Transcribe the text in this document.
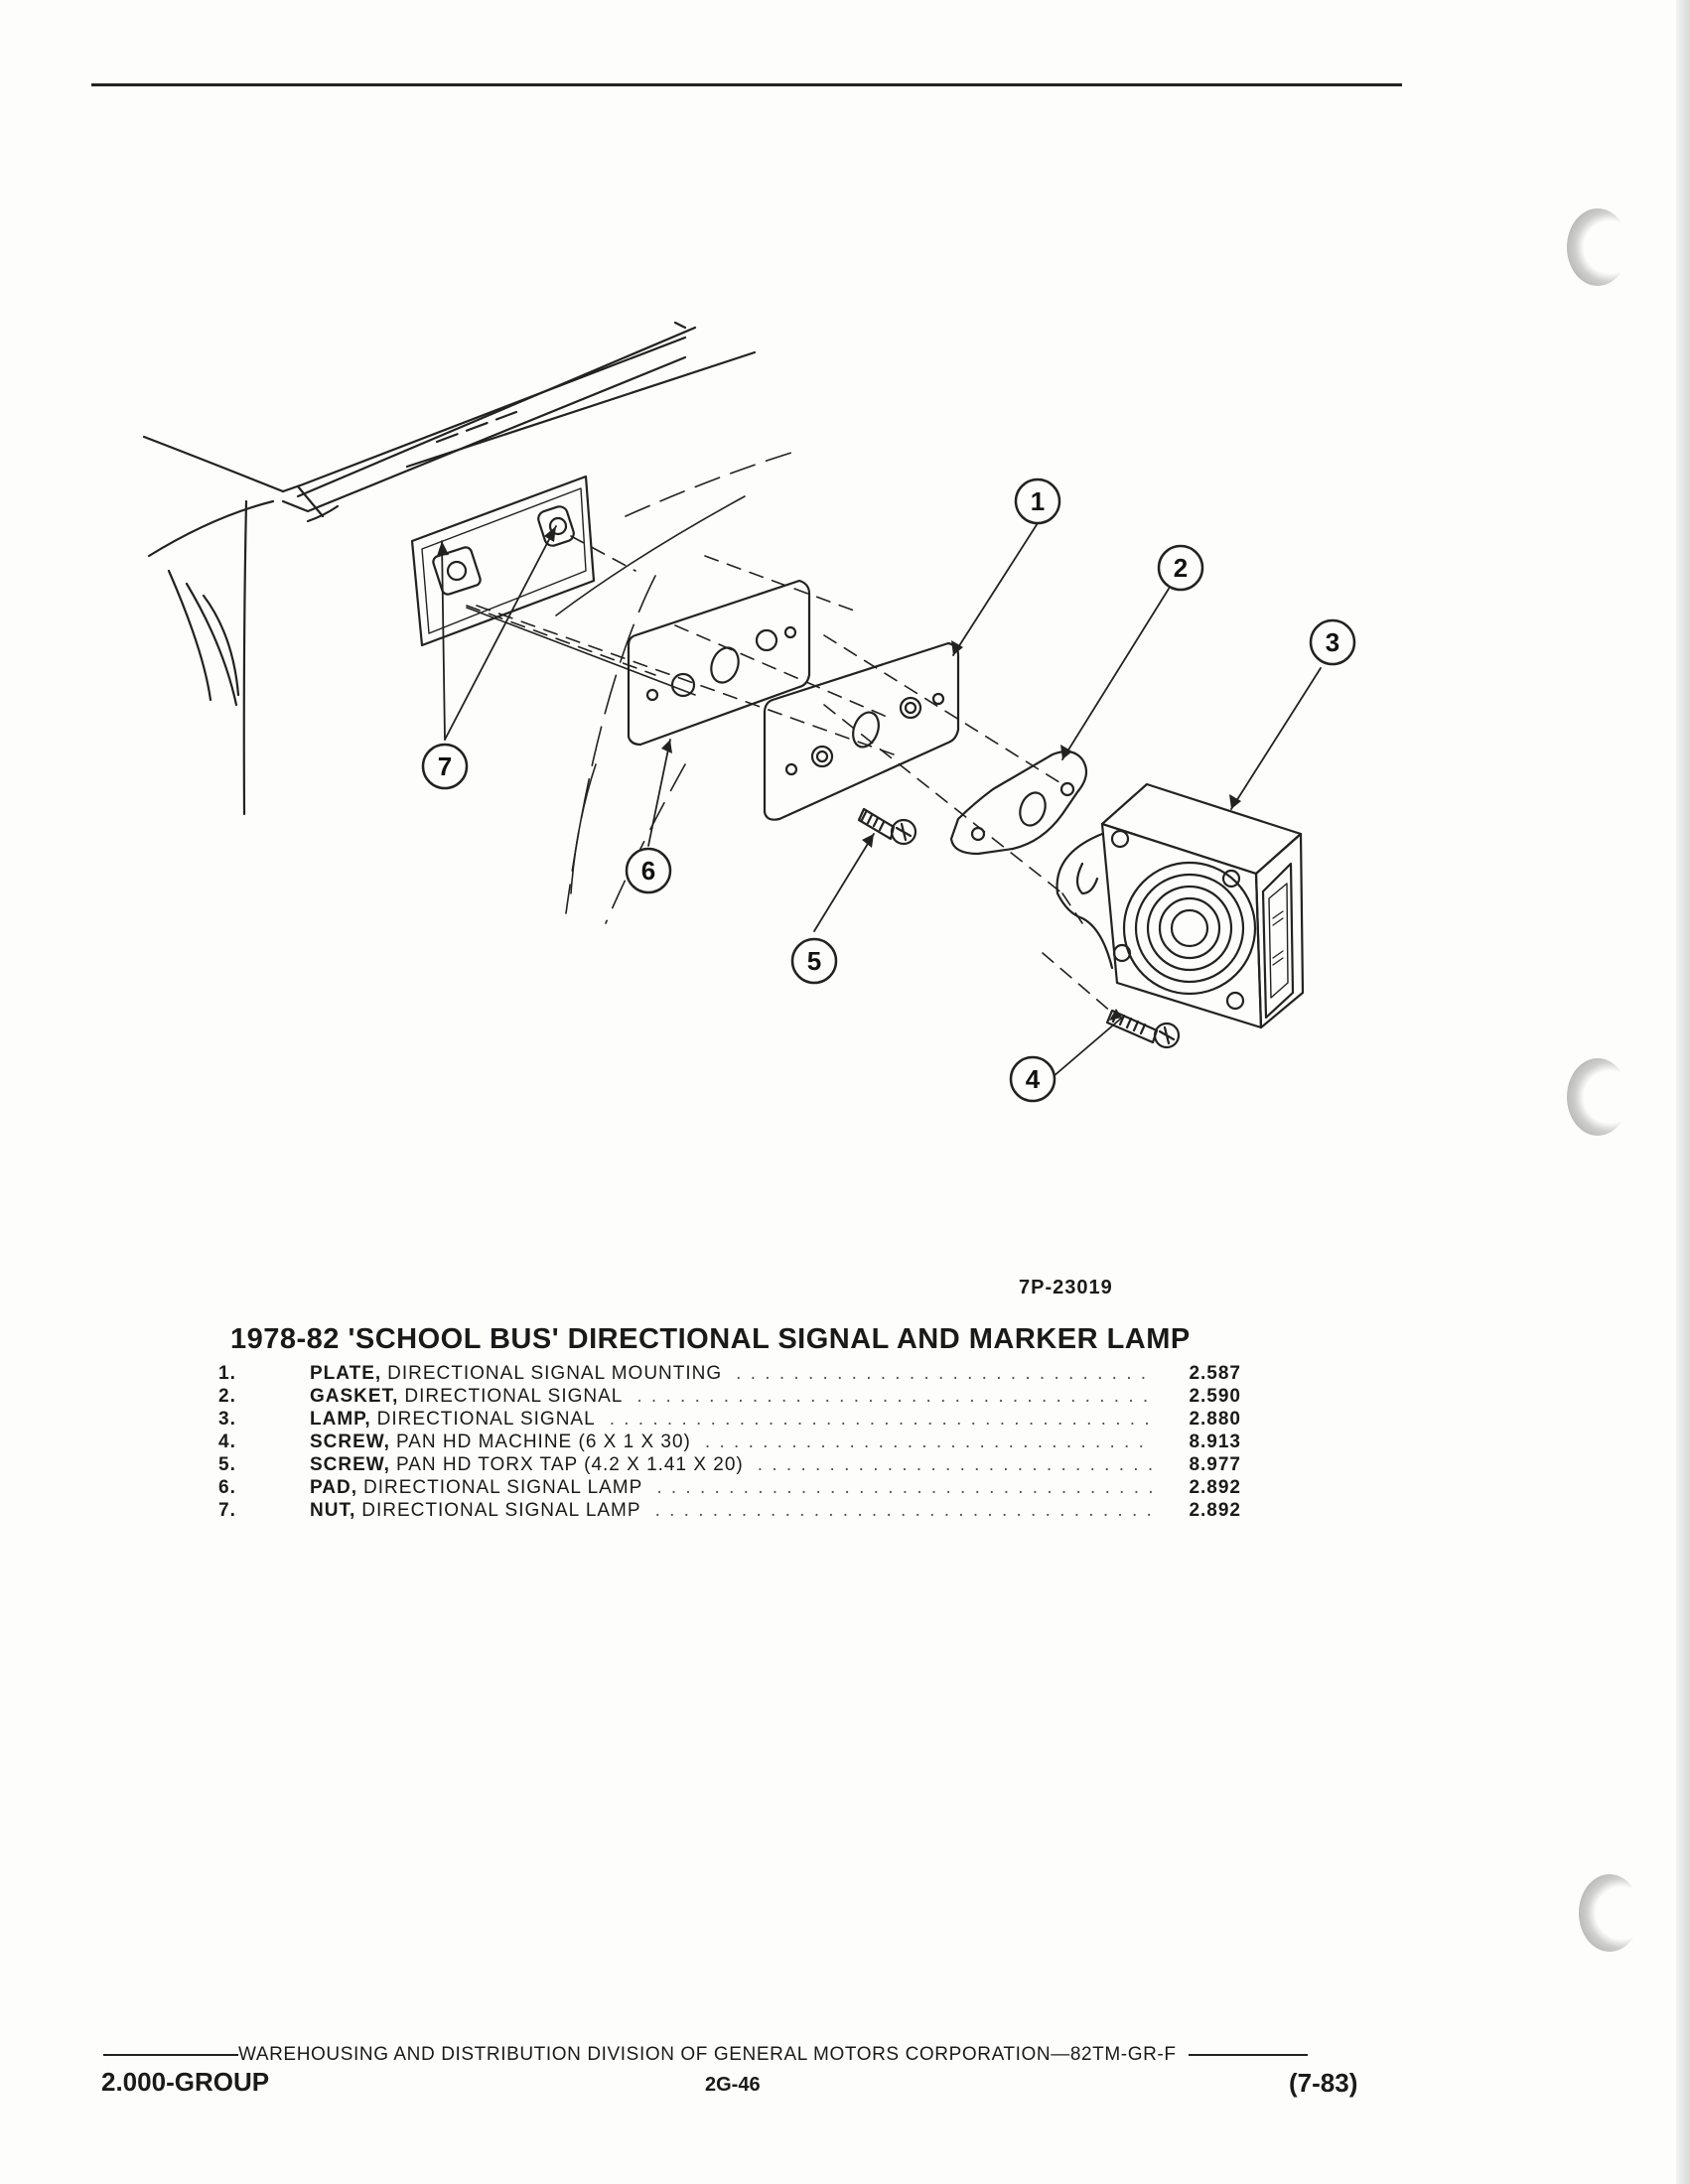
1
2
3
4
5
6
7
7P-23019
1978-82 'SCHOOL BUS' DIRECTIONAL SIGNAL AND MARKER LAMP
1.	PLATE, DIRECTIONAL SIGNAL MOUNTING . . .	2.587
2.	GASKET, DIRECTIONAL SIGNAL . . .	2.590
3.	LAMP, DIRECTIONAL SIGNAL . . .	2.880
4.	SCREW, PAN HD MACHINE (6 X 1 X 30) . . .	8.913
5.	SCREW, PAN HD TORX TAP (4.2 X 1.41 X 20) . . .	8.977
6.	PAD, DIRECTIONAL SIGNAL LAMP . . .	2.892
7.	NUT, DIRECTIONAL SIGNAL LAMP . . .	2.892
WAREHOUSING AND DISTRIBUTION DIVISION OF GENERAL MOTORS CORPORATION—82TM-GR-F
2.000-GROUP	2G-46	(7-83)
